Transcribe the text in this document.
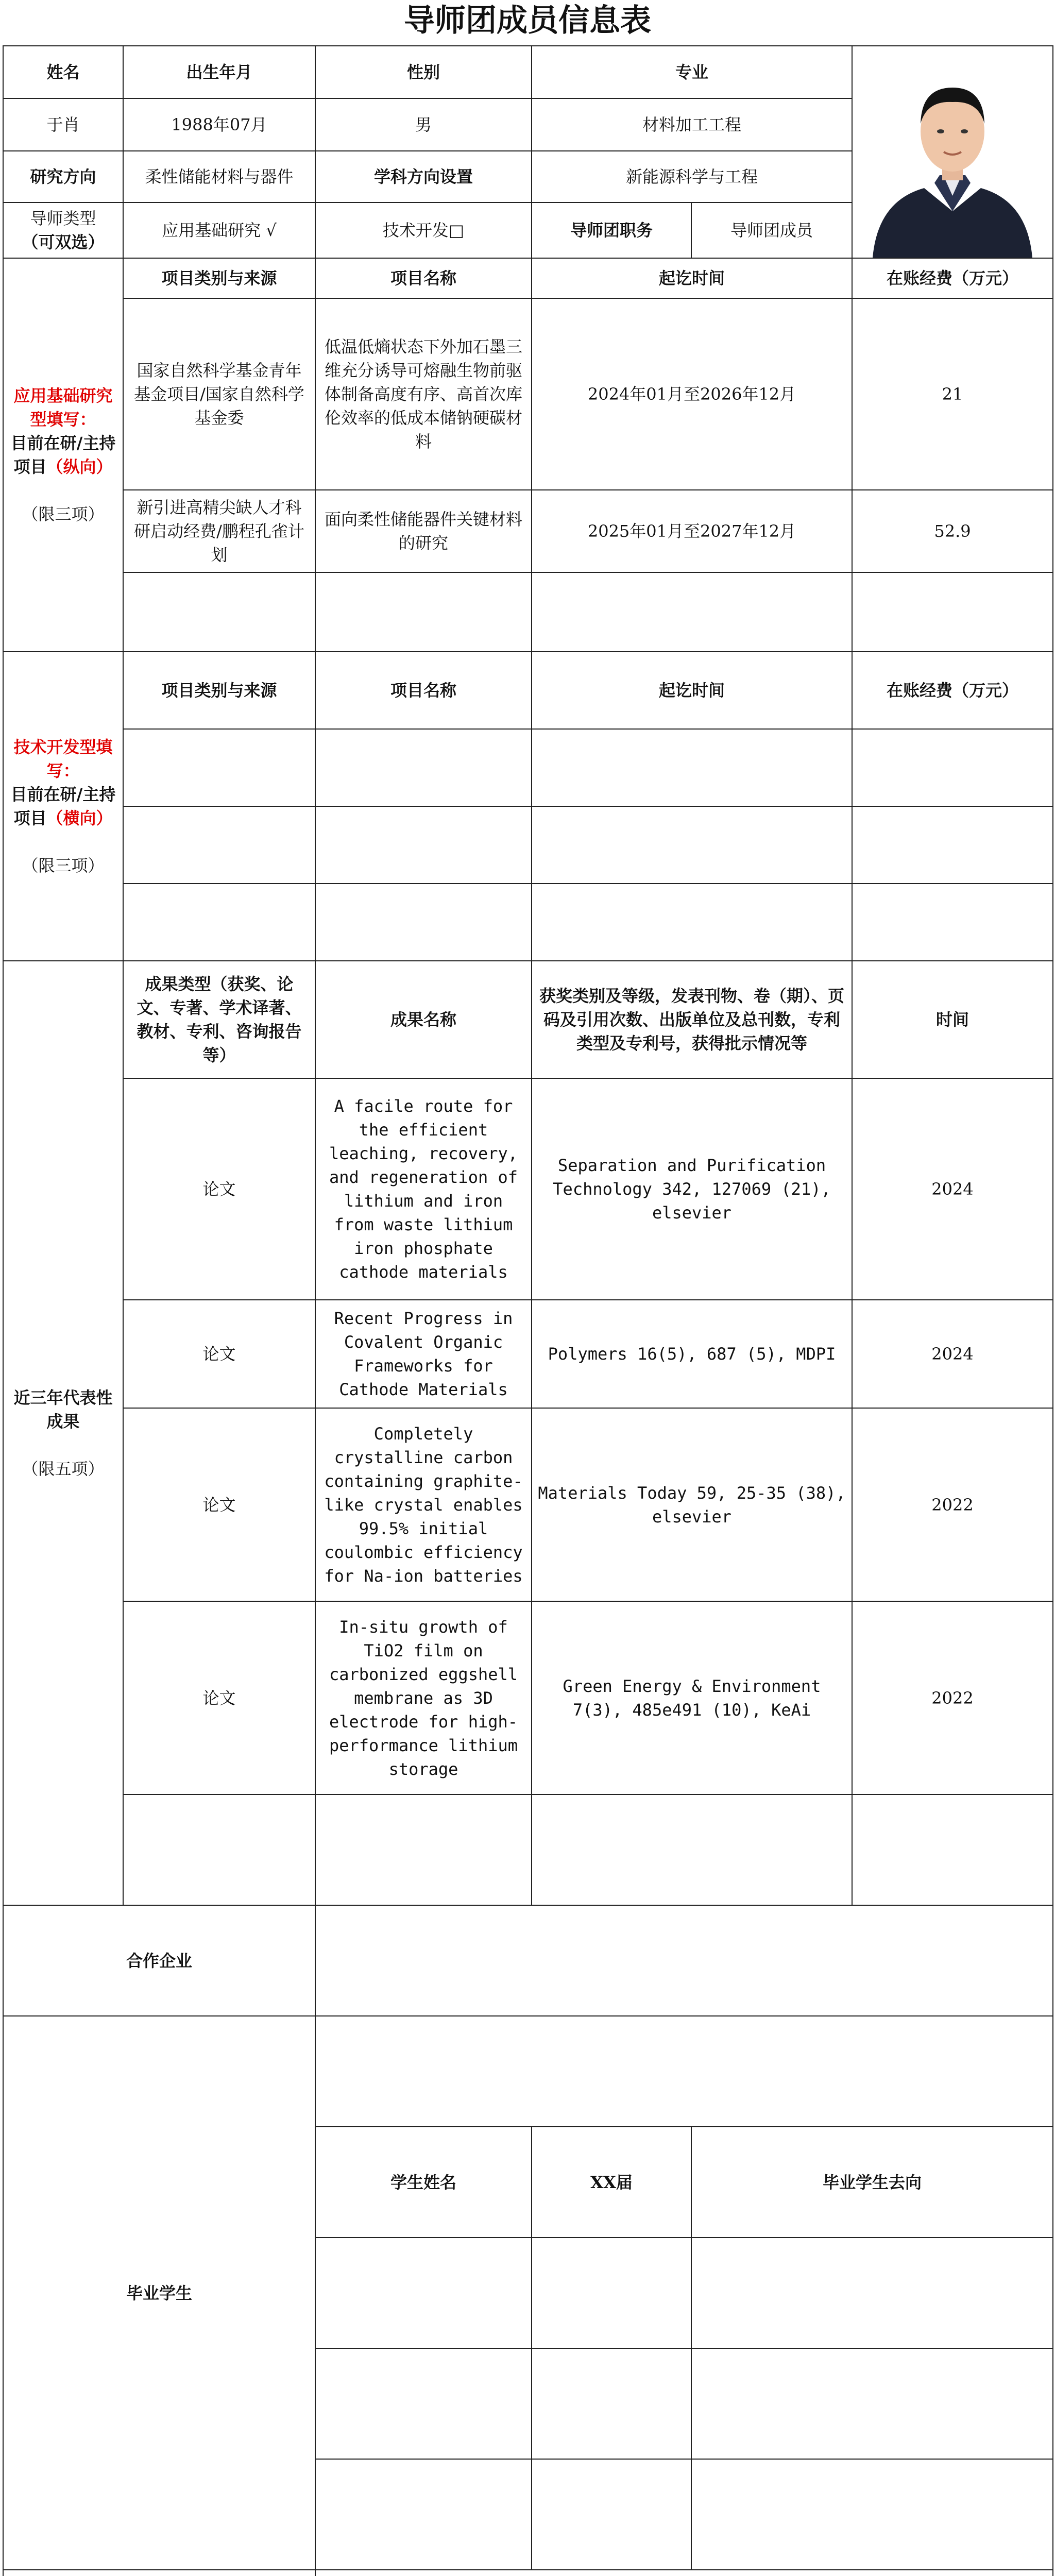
导师团成员信息表
姓名	出生年月	性别	专业	

于肖	1988年07月	男	材料加工工程		
研究方向	柔性储能材料与器件	学科方向设置	新能源科学与工程		
导师类型
（可双选）	应用基础研究 √	技术开发□	导师团职务	导师团成员	
应用基础研究型填写：
目前在研/主持项目（纵向）

（限三项）	项目类别与来源	项目名称	起讫时间		在账经费（万元）
	国家自然科学基金青年基金项目/国家自然科学基金委	低温低熵状态下外加石墨三维充分诱导可熔融生物前驱体制备高度有序、高首次库伦效率的低成本储钠硬碳材料	2024年01月至2026年12月		21
	新引进高精尖缺人才科研启动经费/鹏程孔雀计划	面向柔性储能器件关键材料的研究	2025年01月至2027年12月		52.9

技术开发型填写：
目前在研/主持项目（横向）

（限三项）	项目类别与来源	项目名称	起讫时间		在账经费（万元）

近三年代表性成果

（限五项）	成果类型（获奖、论文、专著、学术译著、教材、专利、咨询报告等）	成果名称	获奖类别及等级，发表刊物、卷（期）、页码及引用次数、出版单位及总刊数，专利类型及专利号，获得批示情况等		时间
	论文	A facile route for the efficient leaching, recovery, and regeneration of lithium and iron from waste lithium iron phosphate cathode materials	Separation and Purification Technology 342, 127069 (21), elsevier		2024
	论文	Recent Progress in Covalent Organic Frameworks for Cathode Materials	Polymers 16(5), 687 (5), MDPI		2024
	论文	Completely crystalline carbon containing graphite-like crystal enables 99.5% initial coulombic efficiency for Na-ion batteries	Materials Today 59, 25-35 (38), elsevier		2022
	论文	In-situ growth of TiO2 film on carbonized eggshell membrane as 3D electrode for high-performance lithium storage	Green Energy & Environment 7(3), 485e491 (10), KeAi		2022

合作企业					
毕业学生					
		学生姓名	XX届	毕业学生去向	
